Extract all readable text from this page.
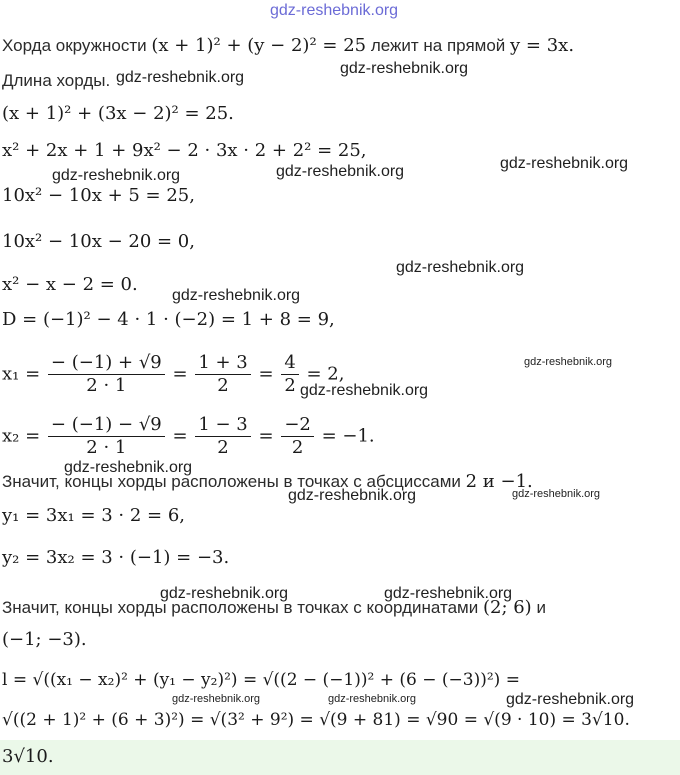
gdz-reshebnik.org
Хорда окружности (x + 1)² + (y − 2)² = 25 лежит на прямой y = 3x.
Длина хорды.
(x + 1)² + (3x − 2)² = 25.
x² + 2x + 1 + 9x² − 2 · 3x · 2 + 2² = 25,
10x² − 10x + 5 = 25,
10x² − 10x − 20 = 0,
x² − x − 2 = 0.
D = (−1)² − 4 · 1 · (−2) = 1 + 8 = 9,
$x_1 = \frac{- (-1) + √9}{2 \cdot 1} = \frac{1 + 3}{2} = \frac{4}{2} = 2$,
$x_2 = \frac{- (-1) - √9}{2 \cdot 1} = \frac{1 - 3}{2} = \frac{-2}{2} = -1$.
Значит, концы хорды расположены в точках с абсциссами 2 и −1.
y₁ = 3x₁ = 3 · 2 = 6,
y₂ = 3x₂ = 3 · (−1) = −3.
Значит, концы хорды расположены в точках с координатами (2; 6) и
(−1; −3).
l = √((x₁ − x₂)² + (y₁ − y₂)²) = √((2 − (−1))² + (6 − (−3))²) =
√((2 + 1)² + (6 + 3)²) = √(3² + 9²) = √(9 + 81) = √90 = √(9 · 10) = 3√10.
3√10.
gdz-reshebnik.org
gdz-reshebnik.org
gdz-reshebnik.org	gdz-reshebnik.org	gdz-reshebnik.org
gdz-reshebnik.org
gdz-reshebnik.org
gdz-reshebnik.org
gdz-reshebnik.org
gdz-reshebnik.org
gdz-reshebnik.org	gdz-reshebnik.org
gdz-reshebnik.org	gdz-reshebnik.org
gdz-reshebnik.org	gdz-reshebnik.org	gdz-reshebnik.org
